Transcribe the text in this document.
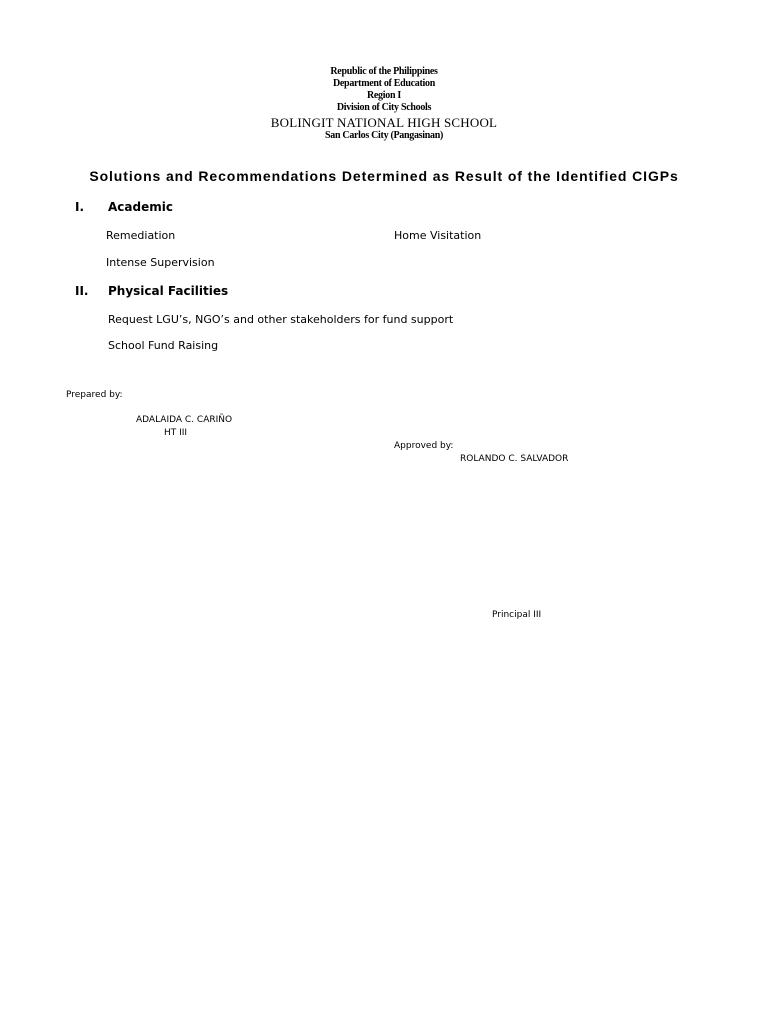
Republic of the Philippines
Department of Education
Region I
Division of City Schools
BOLINGIT NATIONAL HIGH SCHOOL
San Carlos City (Pangasinan)
Solutions and Recommendations Determined as Result of the Identified CIGPs
I. Academic
Remediation	Home Visitation
Intense Supervision
II. Physical Facilities
Request LGU’s, NGO’s and other stakeholders for fund support
School Fund Raising
Prepared by:
ADALAIDA C. CARIÑO
HT III
Approved by:
ROLANDO C. SALVADOR
Principal III
